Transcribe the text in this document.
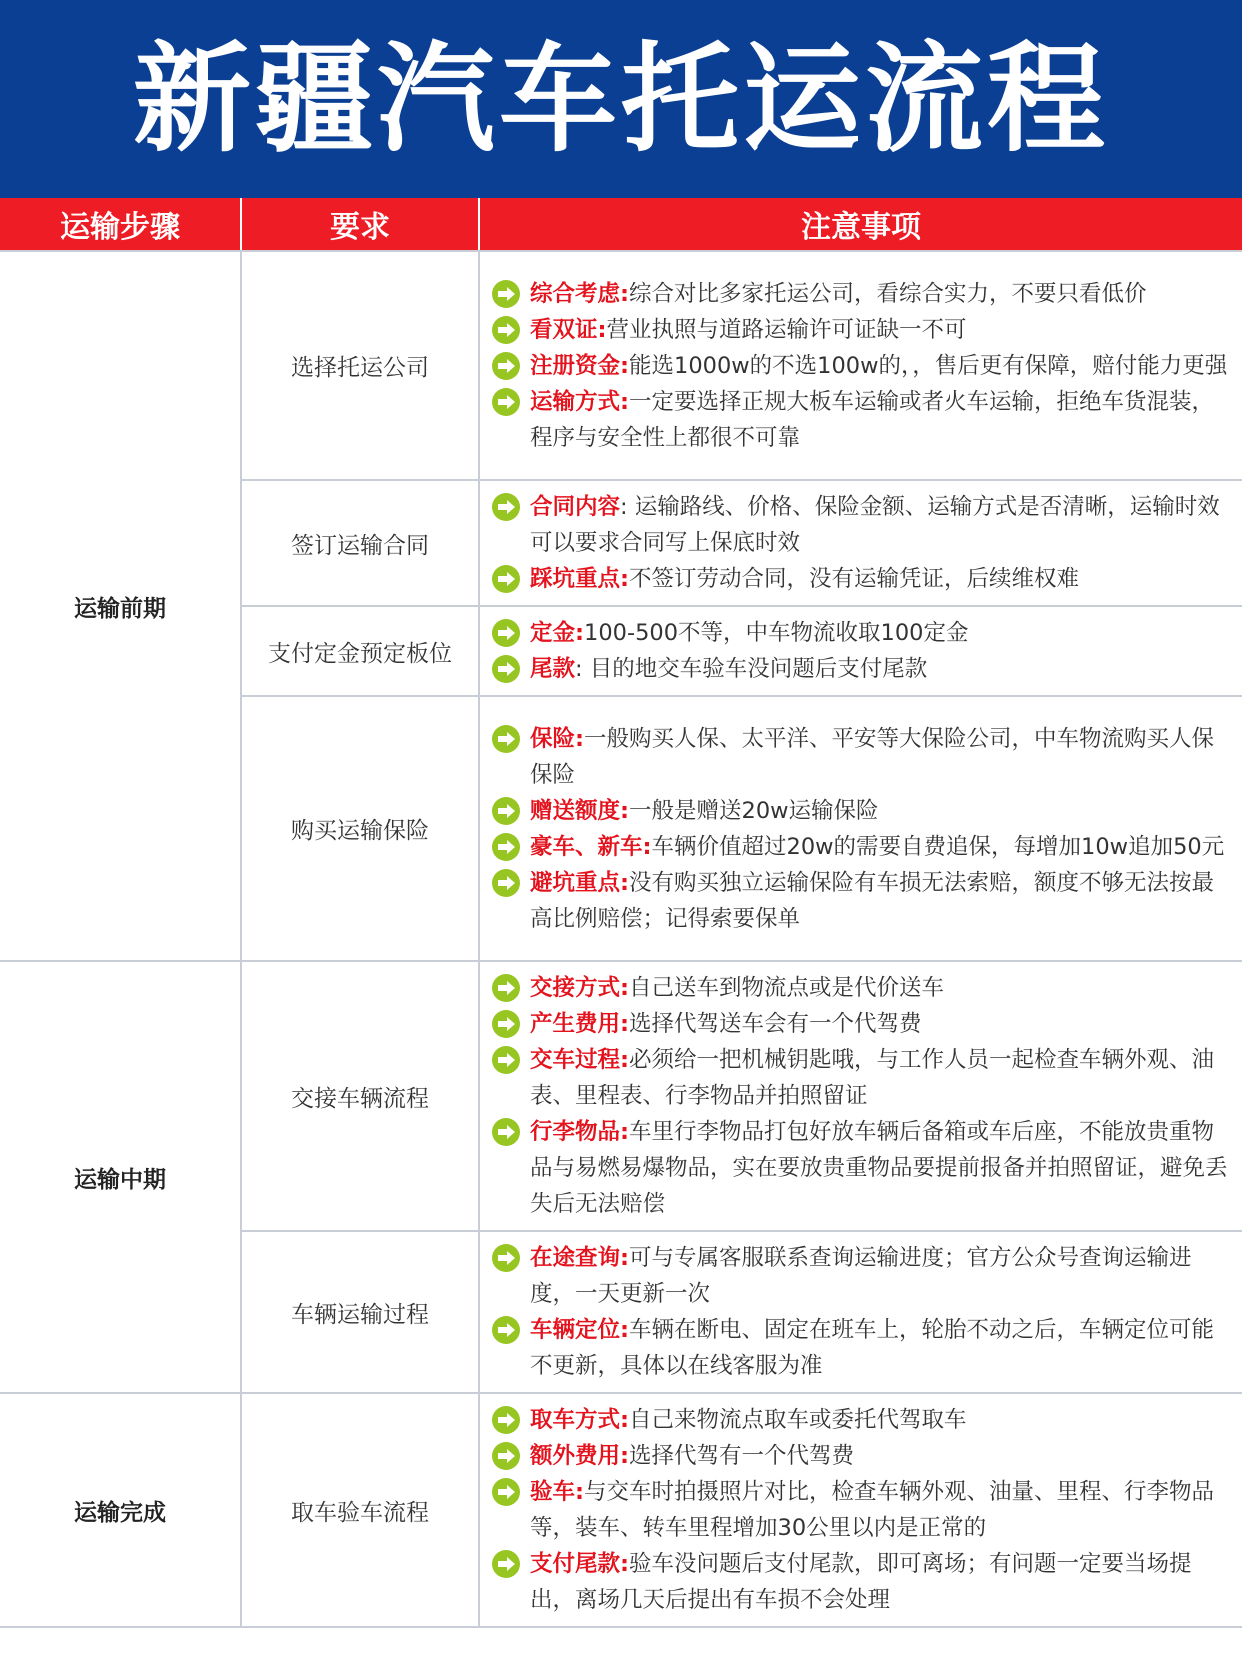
新疆汽车托运流程
运输步骤	要求	注意事项
运输前期	选择托运公司	综合考虑:综合对比多家托运公司，看综合实力，不要只看低价
看双证:营业执照与道路运输许可证缺一不可
注册资金:能选1000w的不选100w的，，售后更有保障，赔付能力更强
运输方式:一定要选择正规大板车运输或者火车运输，拒绝车货混装，程序与安全性上都很不可靠

	签订运输合同	合同内容: 运输路线、价格、保险金额、运输方式是否清晰，运输时效可以要求合同写上保底时效
踩坑重点:不签订劳动合同，没有运输凭证，后续维权难

	支付定金预定板位	定金:100-500不等，中车物流收取100定金
尾款: 目的地交车验车没问题后支付尾款

	购买运输保险	保险:一般购买人保、太平洋、平安等大保险公司，中车物流购买人保保险
赠送额度:一般是赠送20w运输保险
豪车、新车:车辆价值超过20w的需要自费追保，每增加10w追加50元
避坑重点:没有购买独立运输保险有车损无法索赔，额度不够无法按最高比例赔偿；记得索要保单

运输中期	交接车辆流程	交接方式:自己送车到物流点或是代价送车
产生费用:选择代驾送车会有一个代驾费
交车过程:必须给一把机械钥匙哦，与工作人员一起检查车辆外观、油表、里程表、行李物品并拍照留证
行李物品:车里行李物品打包好放车辆后备箱或车后座，不能放贵重物品与易燃易爆物品，实在要放贵重物品要提前报备并拍照留证，避免丢失后无法赔偿

	车辆运输过程	在途查询:可与专属客服联系查询运输进度；官方公众号查询运输进度，一天更新一次
车辆定位:车辆在断电、固定在班车上，轮胎不动之后，车辆定位可能不更新，具体以在线客服为准

运输完成	取车验车流程	取车方式:自己来物流点取车或委托代驾取车
额外费用:选择代驾有一个代驾费
验车:与交车时拍摄照片对比，检查车辆外观、油量、里程、行李物品等，装车、转车里程增加30公里以内是正常的
支付尾款:验车没问题后支付尾款，即可离场；有问题一定要当场提出，离场几天后提出有车损不会处理
